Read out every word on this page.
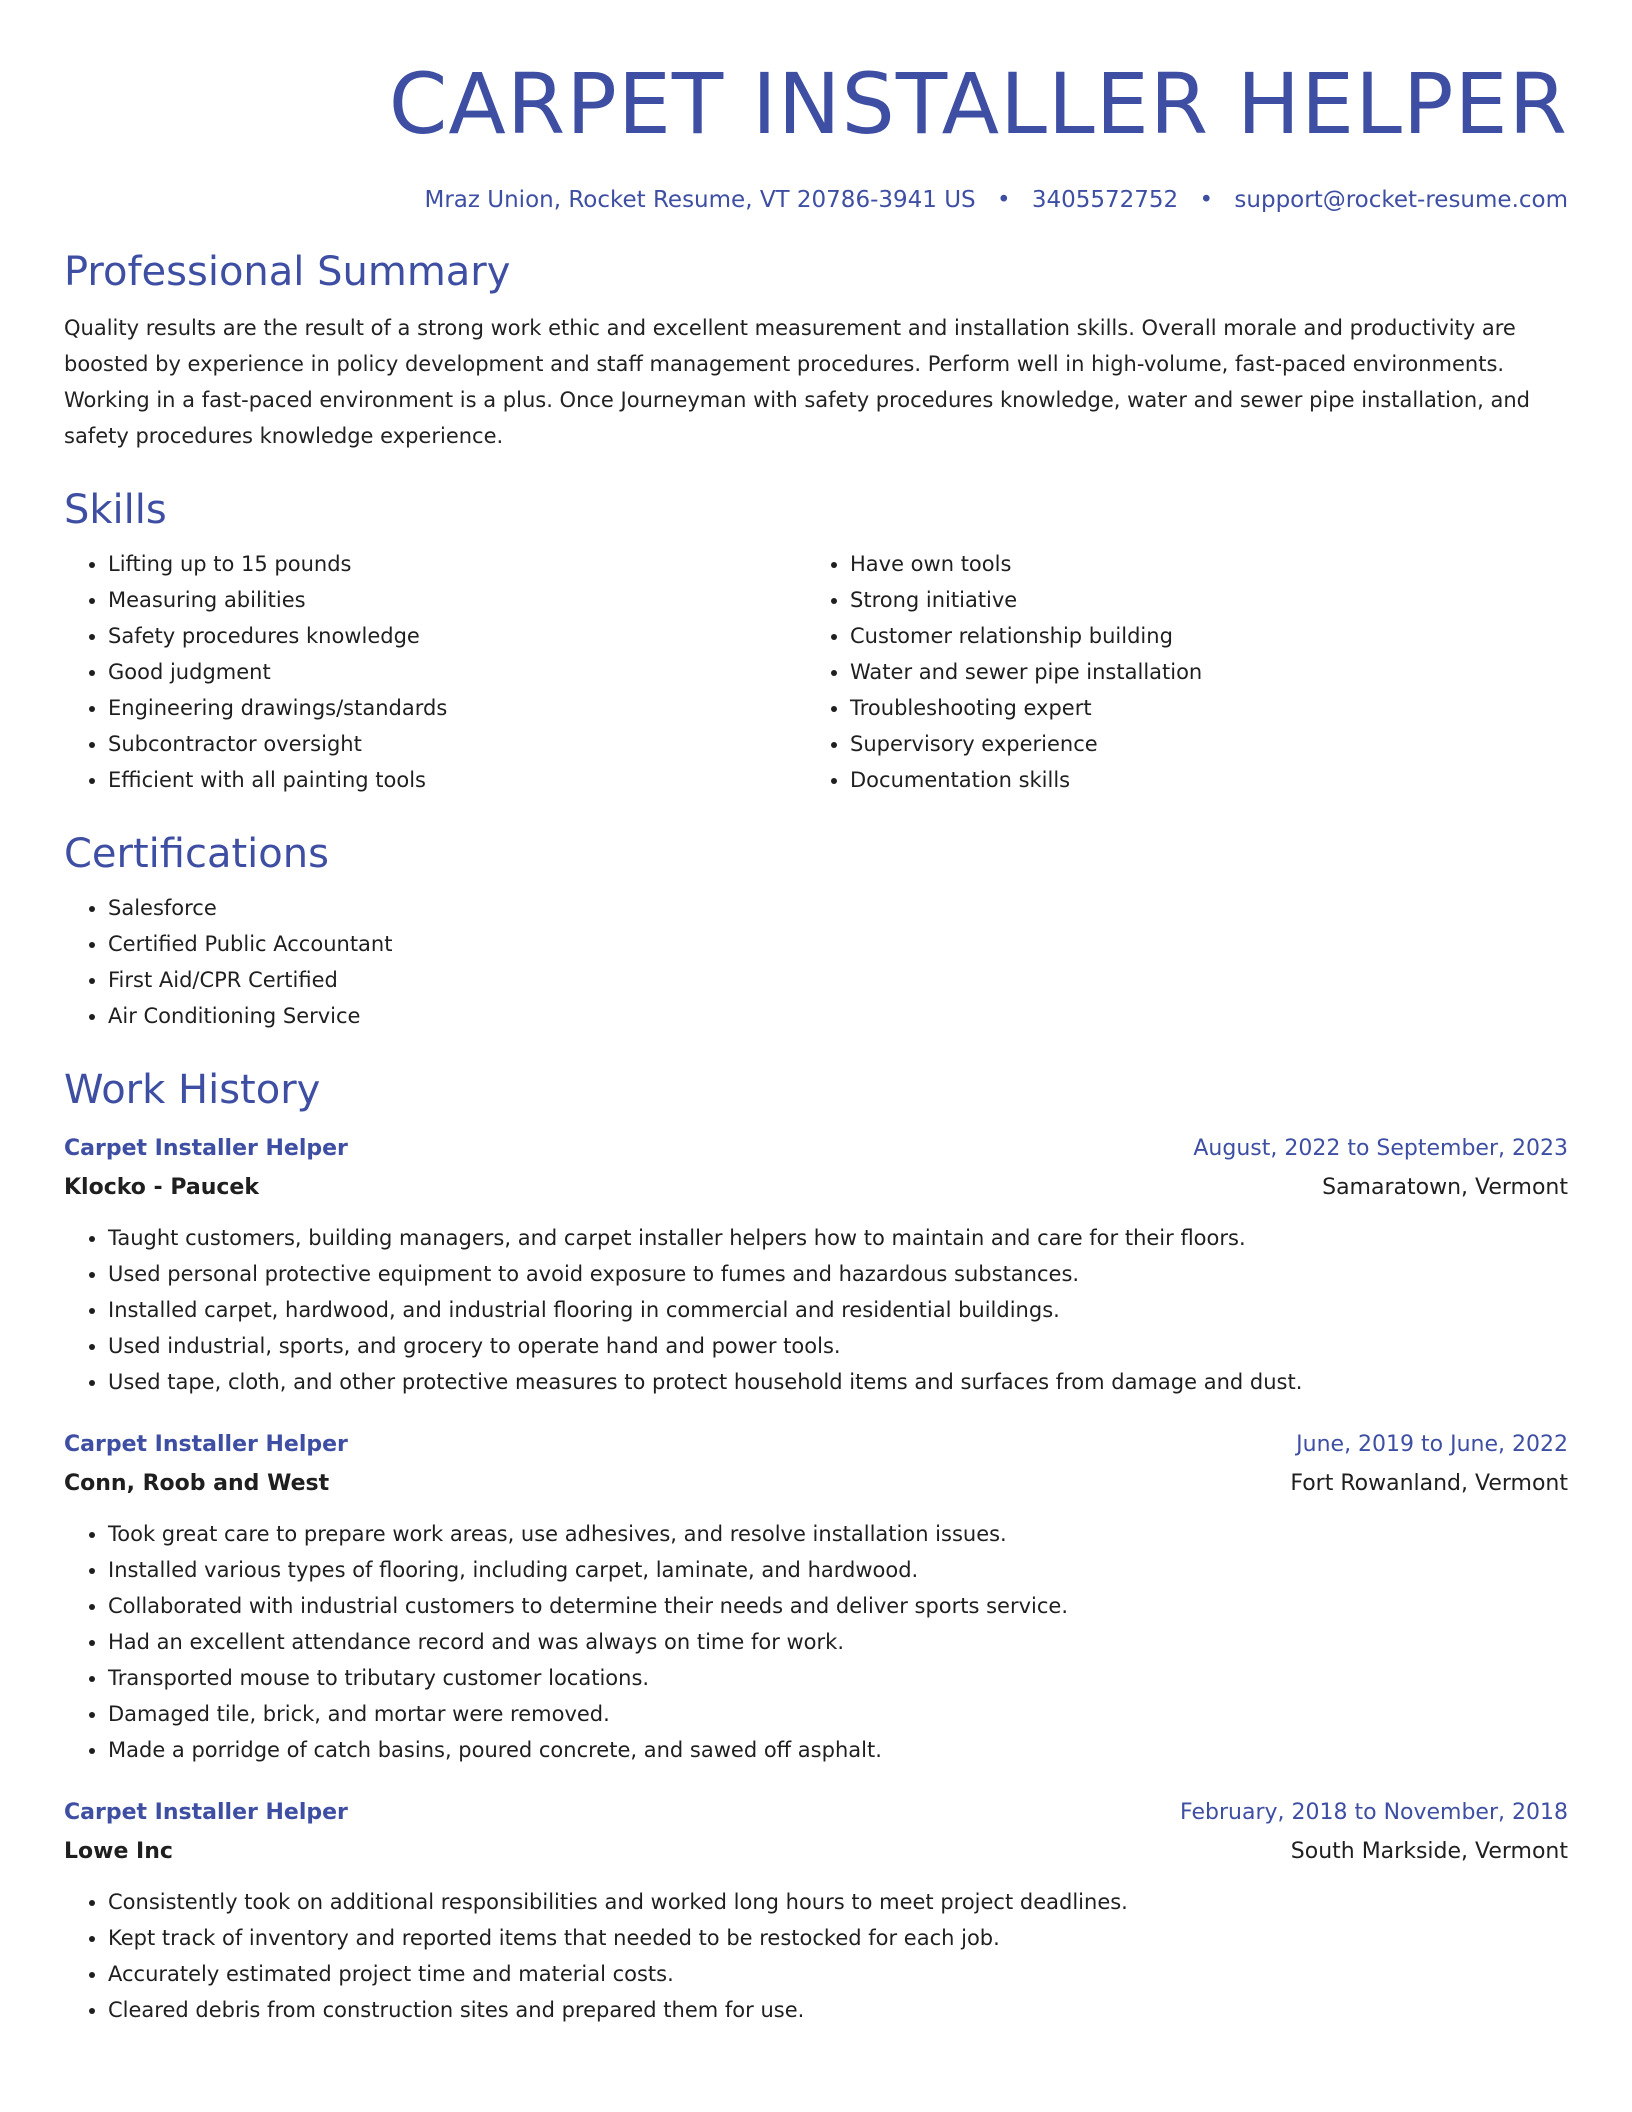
CARPET INSTALLER HELPER
Mraz Union, Rocket Resume, VT 20786-3941 US • 3405572752 • support@rocket-resume.com
Professional Summary
Quality results are the result of a strong work ethic and excellent measurement and installation skills. Overall morale and productivity are boosted by experience in policy development and staff management procedures. Perform well in high-volume, fast-paced environments. Working in a fast-paced environment is a plus. Once Journeyman with safety procedures knowledge, water and sewer pipe installation, and safety procedures knowledge experience.
Skills
• Lifting up to 15 pounds
• Measuring abilities
• Safety procedures knowledge
• Good judgment
• Engineering drawings/standards
• Subcontractor oversight
• Efficient with all painting tools
• Have own tools
• Strong initiative
• Customer relationship building
• Water and sewer pipe installation
• Troubleshooting expert
• Supervisory experience
• Documentation skills
Certifications
• Salesforce
• Certified Public Accountant
• First Aid/CPR Certified
• Air Conditioning Service
Work History
Carpet Installer Helper	August, 2022 to September, 2023
Klocko - Paucek	Samaratown, Vermont
• Taught customers, building managers, and carpet installer helpers how to maintain and care for their floors.
• Used personal protective equipment to avoid exposure to fumes and hazardous substances.
• Installed carpet, hardwood, and industrial flooring in commercial and residential buildings.
• Used industrial, sports, and grocery to operate hand and power tools.
• Used tape, cloth, and other protective measures to protect household items and surfaces from damage and dust.
Carpet Installer Helper	June, 2019 to June, 2022
Conn, Roob and West	Fort Rowanland, Vermont
• Took great care to prepare work areas, use adhesives, and resolve installation issues.
• Installed various types of flooring, including carpet, laminate, and hardwood.
• Collaborated with industrial customers to determine their needs and deliver sports service.
• Had an excellent attendance record and was always on time for work.
• Transported mouse to tributary customer locations.
• Damaged tile, brick, and mortar were removed.
• Made a porridge of catch basins, poured concrete, and sawed off asphalt.
Carpet Installer Helper	February, 2018 to November, 2018
Lowe Inc	South Markside, Vermont
• Consistently took on additional responsibilities and worked long hours to meet project deadlines.
• Kept track of inventory and reported items that needed to be restocked for each job.
• Accurately estimated project time and material costs.
• Cleared debris from construction sites and prepared them for use.
